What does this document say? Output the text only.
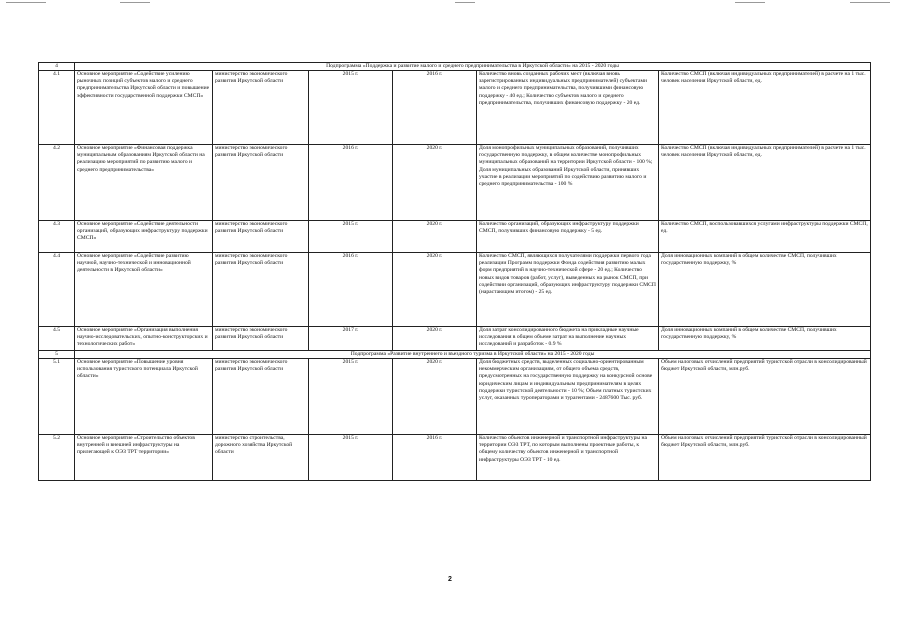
4	Подпрограмма «Поддержка и развитие малого и среднего предпринимательства в Иркутской области» на 2015 - 2020 годы					
4.1	Основное мероприятие «Содействие усилению рыночных позиций субъектов малого и среднего предпринимательства Иркутской области и повышение эффективности государственной поддержки СМСП»	министерство экономического развития Иркутской области	2015 г.	2016 г.	Количество вновь созданных рабочих мест (включая вновь зарегистрированных индивидуальных предпринимателей) субъектами малого и среднего предпринимательства, получившими финансовую поддержку - 40 ед.; Количество субъектов малого и среднего предпринимательства, получивших финансовую поддержку - 20 ед.	Количество СМСП (включая индивидуальных предпринимателей) в расчете на 1 тыс. человек населения Иркутской области, ед.
4.2	Основное мероприятие «Финансовая поддержка муниципальным образованиям Иркутской области на реализацию мероприятий по развитию малого и среднего предпринимательства»	министерство экономического развития Иркутской области	2016 г.	2020 г.	Доля монопрофильных муниципальных образований, получивших государственную поддержку, в общем количестве монопрофильных муниципальных образований на территории Иркутской области - 100 %; Доля муниципальных образований Иркутской области, принявших участие в реализации мероприятий по содействию развитию малого и среднего предпринимательства - 100 %	Количество СМСП (включая индивидуальных предпринимателей) в расчете на 1 тыс. человек населения Иркутской области, ед.
4.3	Основное мероприятие «Содействие деятельности организаций, образующих инфраструктуру поддержки СМСП»	министерство экономического развития Иркутской области	2015 г.	2020 г.	Количество организаций, образующих инфраструктуру поддержки СМСП, получивших финансовую поддержку - 5 ед.	Количество СМСП, воспользовавшихся услугами инфраструктуры поддержки СМСП, ед.
4.4	Основное мероприятие «Содействие развитию научной, научно-технической и инновационной деятельности в Иркутской области»	министерство экономического развития Иркутской области	2016 г.	2020 г.	Количество СМСП, являющихся получателями поддержки первого года реализации Программ поддержки Фонда содействия развитию малых форм предприятий в научно-технической сфере - 20 ед.; Количество новых видов товаров (работ, услуг), выведенных на рынок СМСП, при содействии организаций, образующих инфраструктуру поддержки СМСП (нарастающим итогом) - 25 ед.	Доля инновационных компаний в общем количестве СМСП, получивших государственную поддержку, %
4.5	Основное мероприятие «Организация выполнения научно-исследовательских, опытно-конструкторских и технологических работ»	министерство экономического развития Иркутской области	2017 г.	2020 г.	Доля затрат консолидированного бюджета на прикладные научные исследования в общем объеме затрат на выполнение научных исследований и разработок - 0.9 %	Доля инновационных компаний в общем количестве СМСП, получивших государственную поддержку, %
5	Подпрограмма «Развитие внутреннего и въездного туризма в Иркутской области» на 2015 - 2020 годы					
5.1	Основное мероприятие «Повышение уровня использования туристского потенциала Иркутской области»	министерство экономического развития Иркутской области	2015 г.	2020 г.	Доля бюджетных средств, выделенных социально-ориентированным некоммерческим организациям, от общего объема средств, предусмотренных на государственную поддержку на конкурсной основе юридическим лицам и индивидуальным предпринимателям в целях поддержки туристской деятельности - 10 %; Объем платных туристских услуг, оказанных туроператорами и турагентами - 2487600 Тыс. руб.	Объем налоговых отчислений предприятий туристской отрасли в консолидированный бюджет Иркутской области, млн.руб.
5.2	Основное мероприятие «Строительство объектов внутренней и внешней инфраструктуры на прилегающей к ОЭЗ ТРТ территории»	министерство строительства, дорожного хозяйства Иркутской области	2015 г.	2016 г.	Количество объектов инженерной и транспортной инфраструктуры на территории ОЭЗ ТРТ, по которым выполнены проектные работы, к общему количеству объектов инженерной и транспортной инфраструктуры ОЭЗ ТРТ - 10 ед.	Объем налоговых отчислений предприятий туристской отрасли в консолидированный бюджет Иркутской области, млн.руб.
2
